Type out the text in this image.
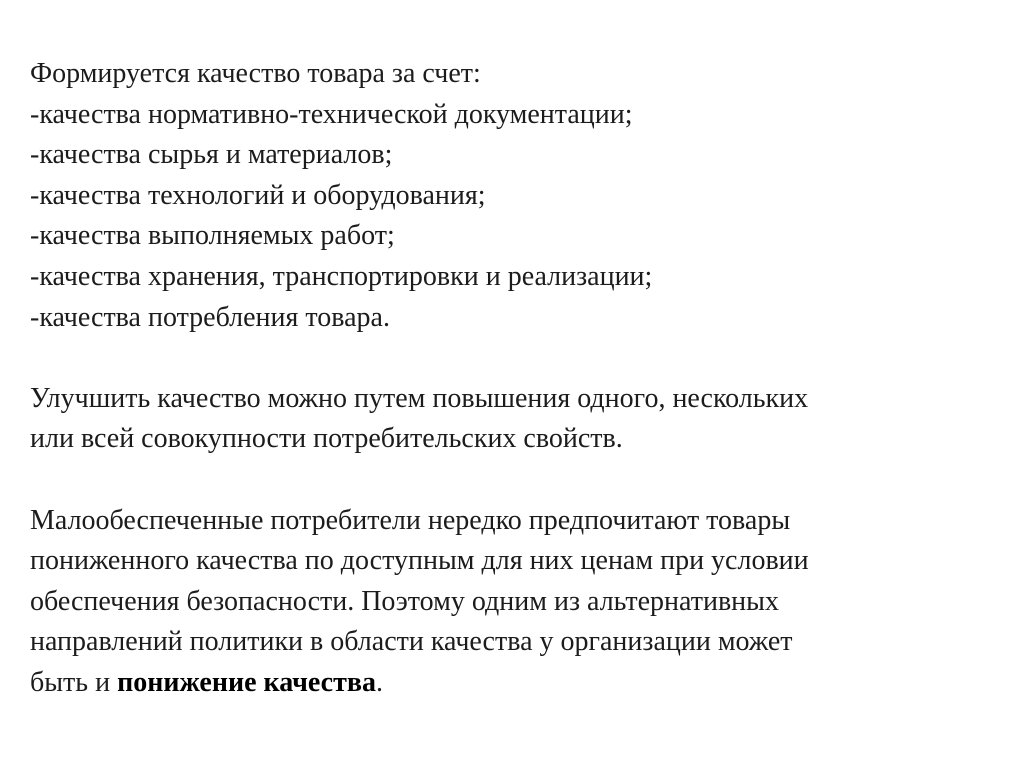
Формируется качество товара за счет:

-качества нормативно-технической документации;

-качества сырья и материалов;

-качества технологий и оборудования;

-качества выполняемых работ;

-качества хранения, транспортировки и реализации;

-качества потребления товара.

Улучшить качество можно путем повышения одного, нескольких

или всей совокупности потребительских свойств.

Малообеспеченные потребители нередко предпочитают товары

пониженного качества по доступным для них ценам при условии

обеспечения безопасности. Поэтому одним из альтернативных

направлений политики в области качества у организации может

быть и понижение качества.
